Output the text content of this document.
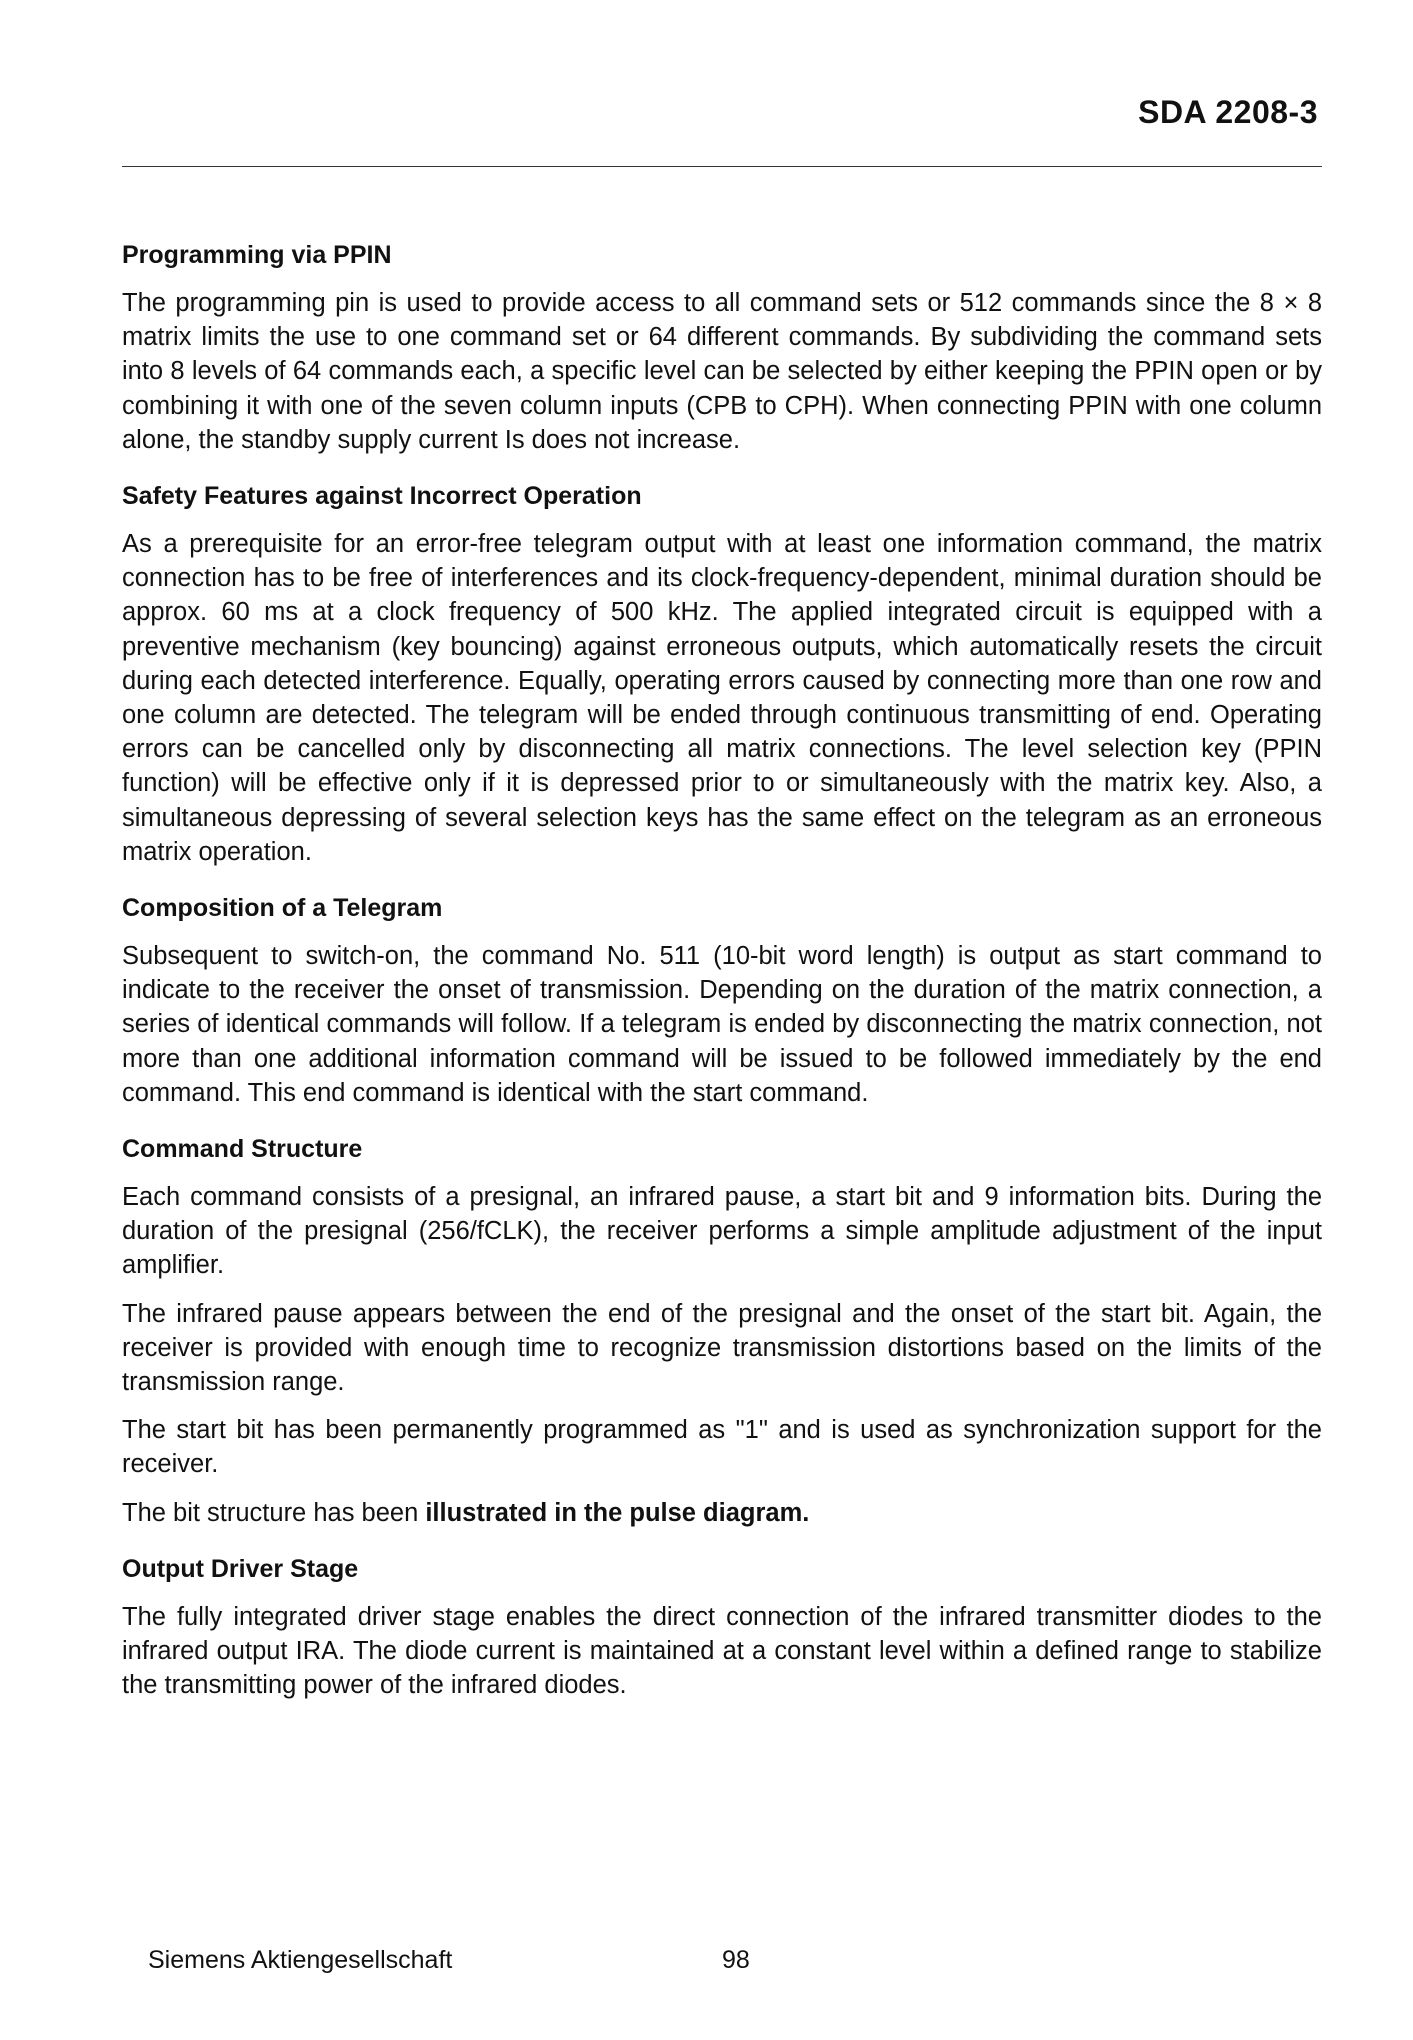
SDA 2208-3
Programming via PPIN

The programming pin is used to provide access to all command sets or 512 commands since the 8 × 8 matrix limits the use to one command set or 64 different commands. By subdividing the command sets into 8 levels of 64 commands each, a specific level can be selected by either keeping the PPIN open or by combining it with one of the seven column inputs (CPB to CPH). When connecting PPIN with one column alone, the standby supply current Is does not increase.

Safety Features against Incorrect Operation

As a prerequisite for an error-free telegram output with at least one information command, the matrix connection has to be free of interferences and its clock-frequency-dependent, minimal duration should be approx. 60 ms at a clock frequency of 500 kHz. The applied integrated circuit is equipped with a preventive mechanism (key bouncing) against erroneous outputs, which automatically resets the circuit during each detected interference. Equally, operating errors caused by connecting more than one row and one column are detected. The telegram will be ended through continuous transmitting of end. Operating errors can be cancelled only by disconnecting all matrix connections. The level selection key (PPIN function) will be effective only if it is depressed prior to or simultaneously with the matrix key. Also, a simultaneous depressing of several selection keys has the same effect on the telegram as an erroneous matrix operation.

Composition of a Telegram

Subsequent to switch-on, the command No. 511 (10-bit word length) is output as start command to indicate to the receiver the onset of transmission. Depending on the duration of the matrix connection, a series of identical commands will follow. If a telegram is ended by disconnecting the matrix connection, not more than one additional information command will be issued to be followed immediately by the end command. This end command is identical with the start command.

Command Structure

Each command consists of a presignal, an infrared pause, a start bit and 9 information bits. During the duration of the presignal (256/fCLK), the receiver performs a simple amplitude adjustment of the input amplifier.

The infrared pause appears between the end of the presignal and the onset of the start bit. Again, the receiver is provided with enough time to recognize transmission distortions based on the limits of the transmission range.

The start bit has been permanently programmed as "1" and is used as synchronization support for the receiver.

The bit structure has been illustrated in the pulse diagram.

Output Driver Stage

The fully integrated driver stage enables the direct connection of the infrared transmitter diodes to the infrared output IRA. The diode current is maintained at a constant level within a defined range to stabilize the transmitting power of the infrared diodes.

Siemens Aktiengesellschaft	98
